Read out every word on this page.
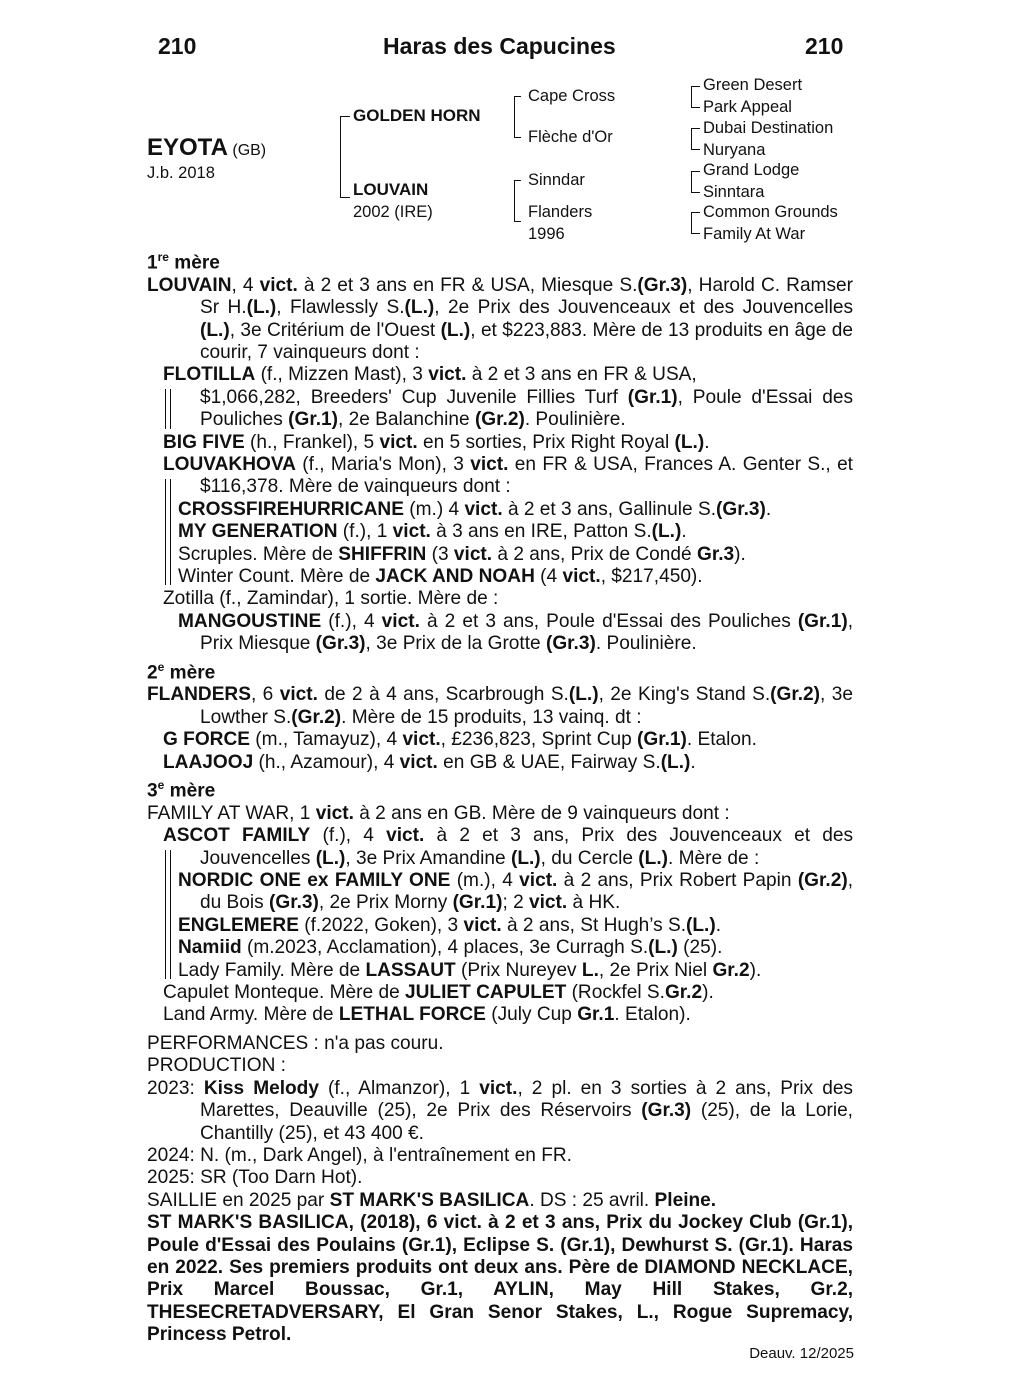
210	Haras des Capucines	210
EYOTA (GB)
J.b. 2018
GOLDEN HORN
LOUVAIN
2002 (IRE)
Cape Cross
Flèche d'Or
Sinndar
Flanders
1996
Green Desert
Park Appeal
Dubai Destination
Nuryana
Grand Lodge
Sinntara
Common Grounds
Family At War

1re mère

LOUVAIN, 4 vict. à 2 et 3 ans en FR & USA, Miesque S.(Gr.3), Harold C. Ramser Sr H.(L.), Flawlessly S.(L.), 2e Prix des Jouvenceaux et des Jouvencelles (L.), 3e Critérium de l'Ouest (L.), et $223,883. Mère de 13 produits en âge de courir, 7 vainqueurs dont :

FLOTILLA (f., Mizzen Mast), 3 vict. à 2 et 3 ans en FR & USA,

$1,066,282, Breeders' Cup Juvenile Fillies Turf (Gr.1), Poule d'Essai des Pouliches (Gr.1), 2e Balanchine (Gr.2). Poulinière.

BIG FIVE (h., Frankel), 5 vict. en 5 sorties, Prix Right Royal (L.).

LOUVAKHOVA (f., Maria's Mon), 3 vict. en FR & USA, Frances A. Genter S., et $116,378. Mère de vainqueurs dont :

CROSSFIREHURRICANE (m.) 4 vict. à 2 et 3 ans, Gallinule S.(Gr.3).

MY GENERATION (f.), 1 vict. à 3 ans en IRE, Patton S.(L.).

Scruples. Mère de SHIFFRIN (3 vict. à 2 ans, Prix de Condé Gr.3).

Winter Count. Mère de JACK AND NOAH (4 vict., $217,450).

Zotilla (f., Zamindar), 1 sortie. Mère de :

MANGOUSTINE (f.), 4 vict. à 2 et 3 ans, Poule d'Essai des Pouliches (Gr.1), Prix Miesque (Gr.3), 3e Prix de la Grotte (Gr.3). Poulinière.

2e mère

FLANDERS, 6 vict. de 2 à 4 ans, Scarbrough S.(L.), 2e King's Stand S.(Gr.2), 3e Lowther S.(Gr.2). Mère de 15 produits, 13 vainq. dt :

G FORCE (m., Tamayuz), 4 vict., £236,823, Sprint Cup (Gr.1). Etalon.

LAAJOOJ (h., Azamour), 4 vict. en GB & UAE, Fairway S.(L.).

3e mère

FAMILY AT WAR, 1 vict. à 2 ans en GB. Mère de 9 vainqueurs dont :

ASCOT FAMILY (f.), 4 vict. à 2 et 3 ans, Prix des Jouvenceaux et des Jouvencelles (L.), 3e Prix Amandine (L.), du Cercle (L.). Mère de :

NORDIC ONE ex FAMILY ONE (m.), 4 vict. à 2 ans, Prix Robert Papin (Gr.2), du Bois (Gr.3), 2e Prix Morny (Gr.1); 2 vict. à HK.

ENGLEMERE (f.2022, Goken), 3 vict. à 2 ans, St Hugh’s S.(L.).

Namiid (m.2023, Acclamation), 4 places, 3e Curragh S.(L.) (25).

Lady Family. Mère de LASSAUT (Prix Nureyev L., 2e Prix Niel Gr.2).

Capulet Monteque. Mère de JULIET CAPULET (Rockfel S.Gr.2).

Land Army. Mère de LETHAL FORCE (July Cup Gr.1. Etalon).

PERFORMANCES : n'a pas couru.

PRODUCTION :

2023: Kiss Melody (f., Almanzor), 1 vict., 2 pl. en 3 sorties à 2 ans, Prix des Marettes, Deauville (25), 2e Prix des Réservoirs (Gr.3) (25), de la Lorie, Chantilly (25), et 43 400 €.

2024: N. (m., Dark Angel), à l'entraînement en FR.

2025: SR (Too Darn Hot).

SAILLIE en 2025 par ST MARK'S BASILICA. DS : 25 avril. Pleine.

ST MARK'S BASILICA, (2018), 6 vict. à 2 et 3 ans, Prix du Jockey Club (Gr.1), Poule d'Essai des Poulains (Gr.1), Eclipse S. (Gr.1), Dewhurst S. (Gr.1). Haras en 2022. Ses premiers produits ont deux ans. Père de DIAMOND NECKLACE, Prix Marcel Boussac, Gr.1, AYLIN, May Hill Stakes, Gr.2, THESECRETADVERSARY, El Gran Senor Stakes, L., Rogue Supremacy, Princess Petrol.

Deauv. 12/2025
